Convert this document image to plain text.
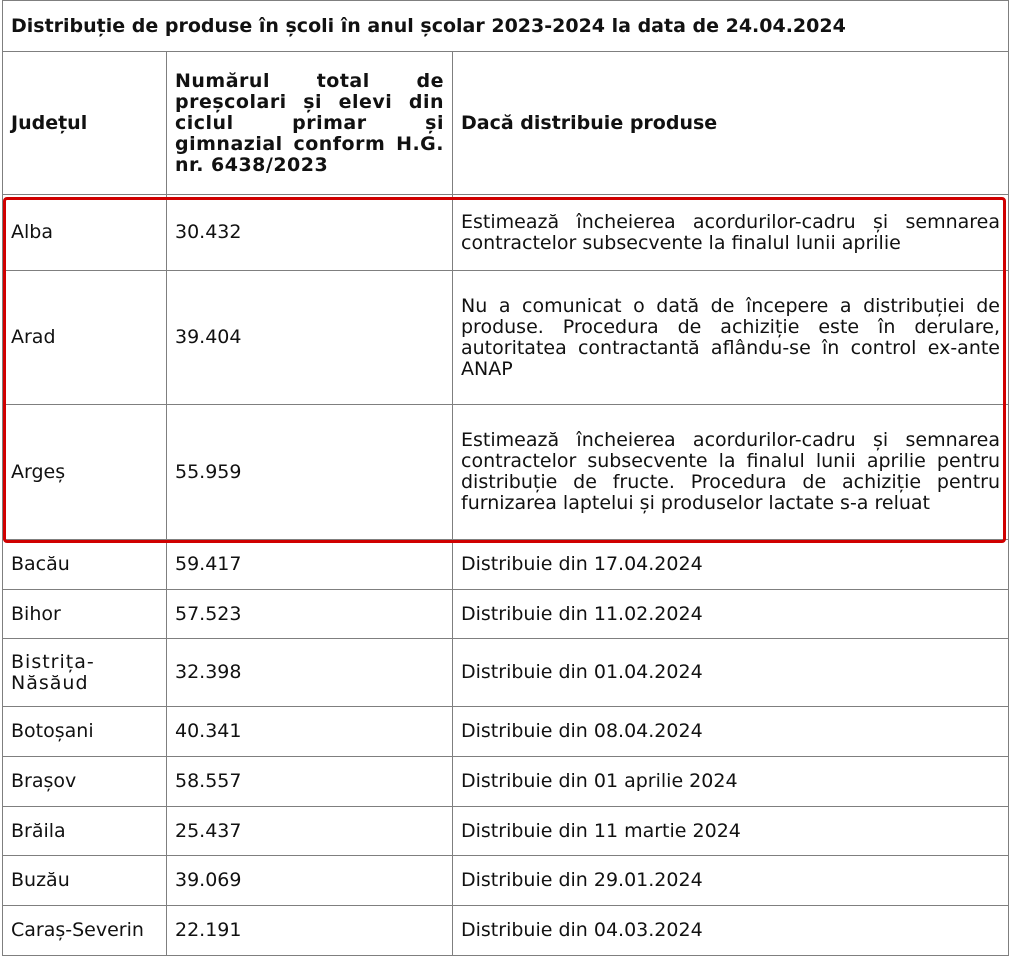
Distribuție de produse în școli în anul școlar 2023-2024 la data de 24.04.2024		
Județul	Numărul total de preșcolari și elevi din ciclul primar și gimnazial conform H.G. nr. 6438/2023	Dacă distribuie produse
Alba	30.432	Estimează încheierea acordurilor-cadru și semnarea contractelor subsecvente la finalul lunii aprilie

Arad	39.404	Nu a comunicat o dată de începere a distribuției de produse. Procedura de achiziție este în derulare, autoritatea contractantă aflându-se în control ex-ante ANAP
Argeș	55.959	Estimează încheierea acordurilor-cadru și semnarea contractelor subsecvente la finalul lunii aprilie pentru distribuție de fructe. Procedura de achiziție pentru furnizarea laptelui și produselor lactate s-a reluat
Bacău	59.417	Distribuie din 17.04.2024
Bihor	57.523	Distribuie din 11.02.2024
Bistrița-Năsăud	32.398	Distribuie din 01.04.2024
Botoșani	40.341	Distribuie din 08.04.2024
Brașov	58.557	Distribuie din 01 aprilie 2024
Brăila	25.437	Distribuie din 11 martie 2024
Buzău	39.069	Distribuie din 29.01.2024
Caraș-Severin	22.191	Distribuie din 04.03.2024
